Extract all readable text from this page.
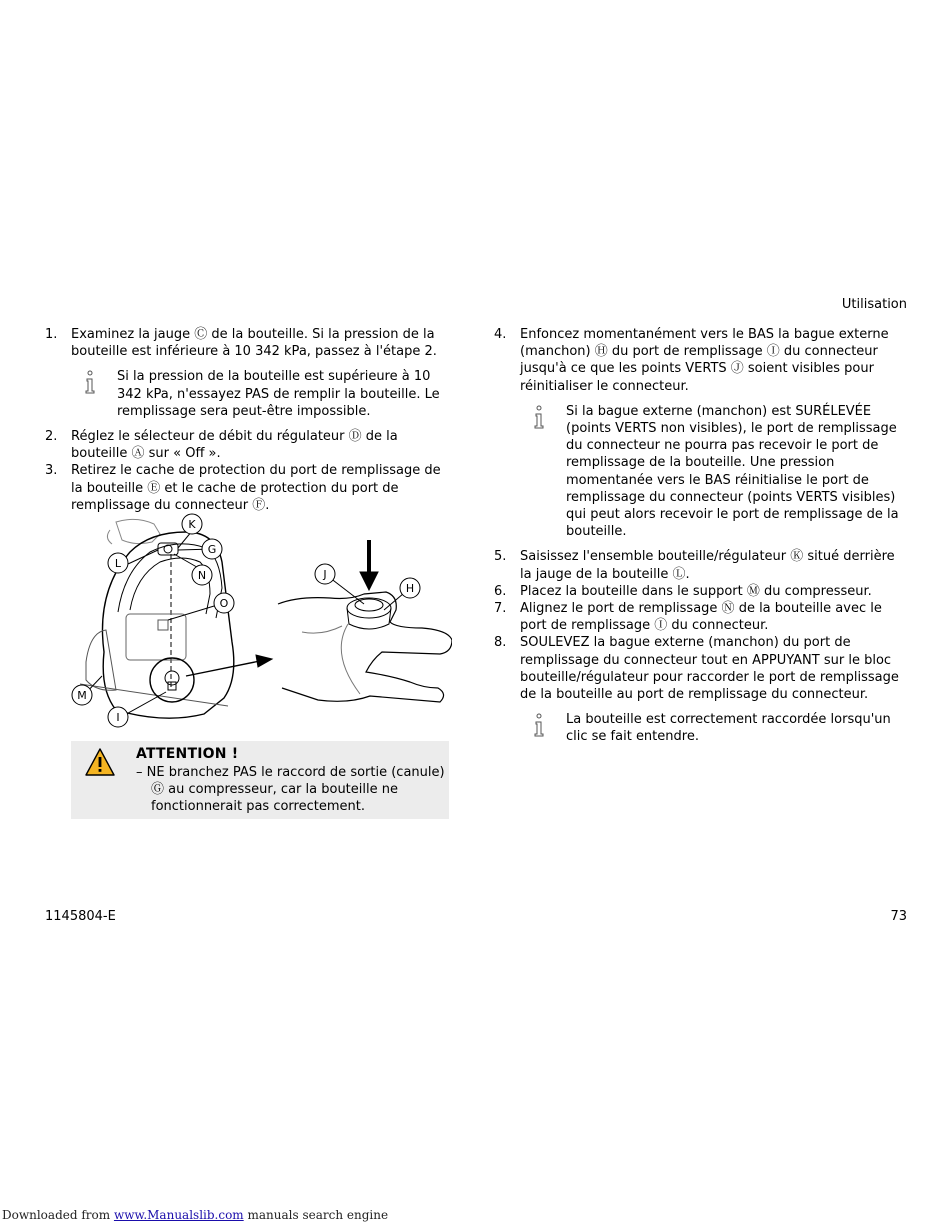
Utilisation
1. Examinez la jauge Ⓒ de la bouteille. Si la pression de la bouteille est inférieure à 10 342 kPa, passez à l'étape 2.
Si la pression de la bouteille est supérieure à 10 342 kPa, n'essayez PAS de remplir la bouteille. Le remplissage sera peut-être impossible.
2. Réglez le sélecteur de débit du régulateur Ⓓ de la bouteille Ⓐ sur « Off ».
3. Retirez le cache de protection du port de remplissage de la bouteille Ⓔ et le cache de protection du port de remplissage du connecteur Ⓕ.
K
G
L
N
O
M
I
J
H
ATTENTION !
– NE branchez PAS le raccord de sortie (canule) Ⓖ au compresseur, car la bouteille ne fonctionnerait pas correctement.
4. Enfoncez momentanément vers le BAS la bague externe (manchon) Ⓗ du port de remplissage Ⓘ du connecteur jusqu'à ce que les points VERTS Ⓙ soient visibles pour réinitialiser le connecteur.
Si la bague externe (manchon) est SURÉLEVÉE (points VERTS non visibles), le port de remplissage du connecteur ne pourra pas recevoir le port de remplissage de la bouteille. Une pression momentanée vers le BAS réinitialise le port de remplissage du connecteur (points VERTS visibles) qui peut alors recevoir le port de remplissage de la bouteille.
5. Saisissez l'ensemble bouteille/régulateur Ⓚ situé derrière la jauge de la bouteille Ⓛ.
6. Placez la bouteille dans le support Ⓜ du compresseur.
7. Alignez le port de remplissage Ⓝ de la bouteille avec le port de remplissage Ⓘ du connecteur.
8. SOULEVEZ la bague externe (manchon) du port de remplissage du connecteur tout en APPUYANT sur le bloc bouteille/régulateur pour raccorder le port de remplissage de la bouteille au port de remplissage du connecteur.
La bouteille est correctement raccordée lorsqu'un clic se fait entendre.
1145804-E	73
Downloaded from www.Manualslib.com manuals search engine
